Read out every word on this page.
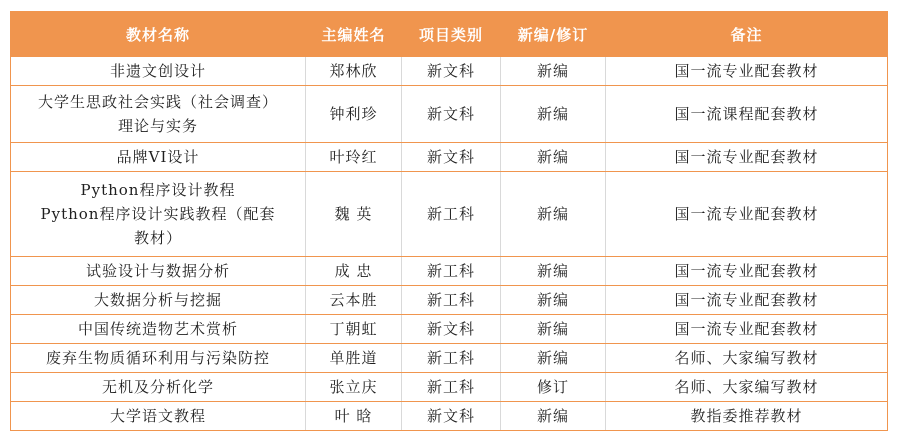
教材名称	主编姓名	项目类别	新编/修订	备注

非遗文创设计	郑林欣	新文科	新编	国一流专业配套教材

大学生思政社会实践（社会调查）
理论与实务	钟利珍	新文科	新编	国一流课程配套教材

品牌VI设计	叶玲红	新文科	新编	国一流专业配套教材

Python程序设计教程
Python程序设计实践教程（配套
教材）	魏 英	新工科	新编	国一流专业配套教材

试验设计与数据分析	成 忠	新工科	新编	国一流专业配套教材

大数据分析与挖掘	云本胜	新工科	新编	国一流专业配套教材

中国传统造物艺术赏析	丁朝虹	新文科	新编	国一流专业配套教材

废弃生物质循环利用与污染防控	单胜道	新工科	新编	名师、大家编写教材

无机及分析化学	张立庆	新工科	修订	名师、大家编写教材

大学语文教程	叶 晗	新文科	新编	教指委推荐教材
